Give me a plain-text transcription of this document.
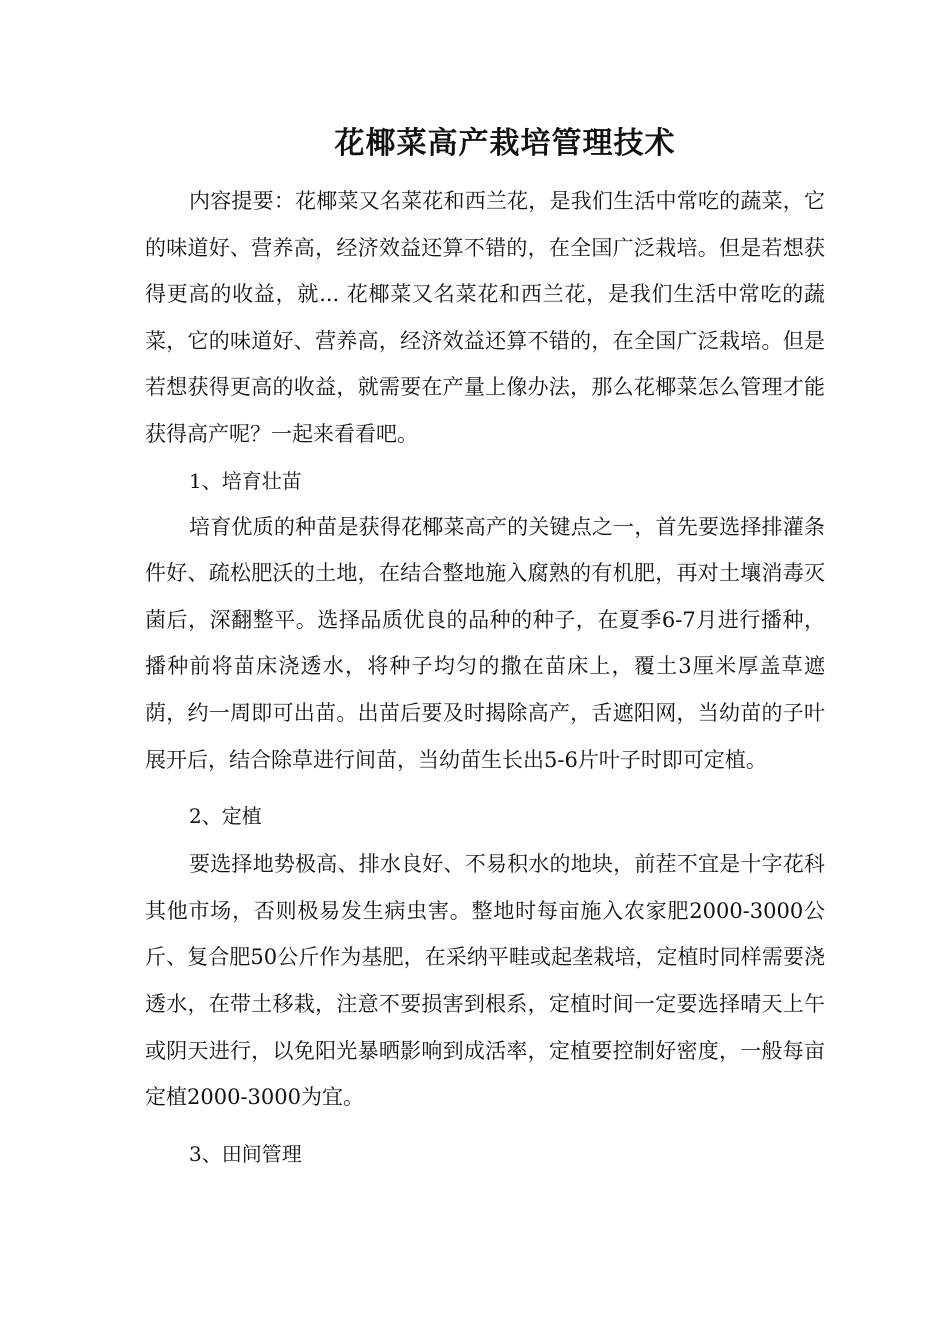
花椰菜高产栽培管理技术

内容提要：花椰菜又名菜花和西兰花，是我们生活中常吃的蔬菜，它的味道好、营养高，经济效益还算不错的，在全国广泛栽培。但是若想获得更高的收益，就... 花椰菜又名菜花和西兰花，是我们生活中常吃的蔬菜，它的味道好、营养高，经济效益还算不错的，在全国广泛栽培。但是若想获得更高的收益，就需要在产量上像办法，那么花椰菜怎么管理才能获得高产呢？一起来看看吧。

1、培育壮苗

培育优质的种苗是获得花椰菜高产的关键点之一，首先要选择排灌条件好、疏松肥沃的土地，在结合整地施入腐熟的有机肥，再对土壤消毒灭菌后，深翻整平。选择品质优良的品种的种子，在夏季6-7月进行播种，播种前将苗床浇透水，将种子均匀的撒在苗床上，覆土3厘米厚盖草遮荫，约一周即可出苗。出苗后要及时揭除高产，舌遮阳网，当幼苗的子叶展开后，结合除草进行间苗，当幼苗生长出5-6片叶子时即可定植。

2、定植

要选择地势极高、排水良好、不易积水的地块，前茬不宜是十字花科其他市场，否则极易发生病虫害。整地时每亩施入农家肥2000-3000公斤、复合肥50公斤作为基肥，在采纳平畦或起垄栽培，定植时同样需要浇透水，在带土移栽，注意不要损害到根系，定植时间一定要选择晴天上午或阴天进行，以免阳光暴晒影响到成活率，定植要控制好密度，一般每亩定植2000-3000为宜。

3、田间管理
